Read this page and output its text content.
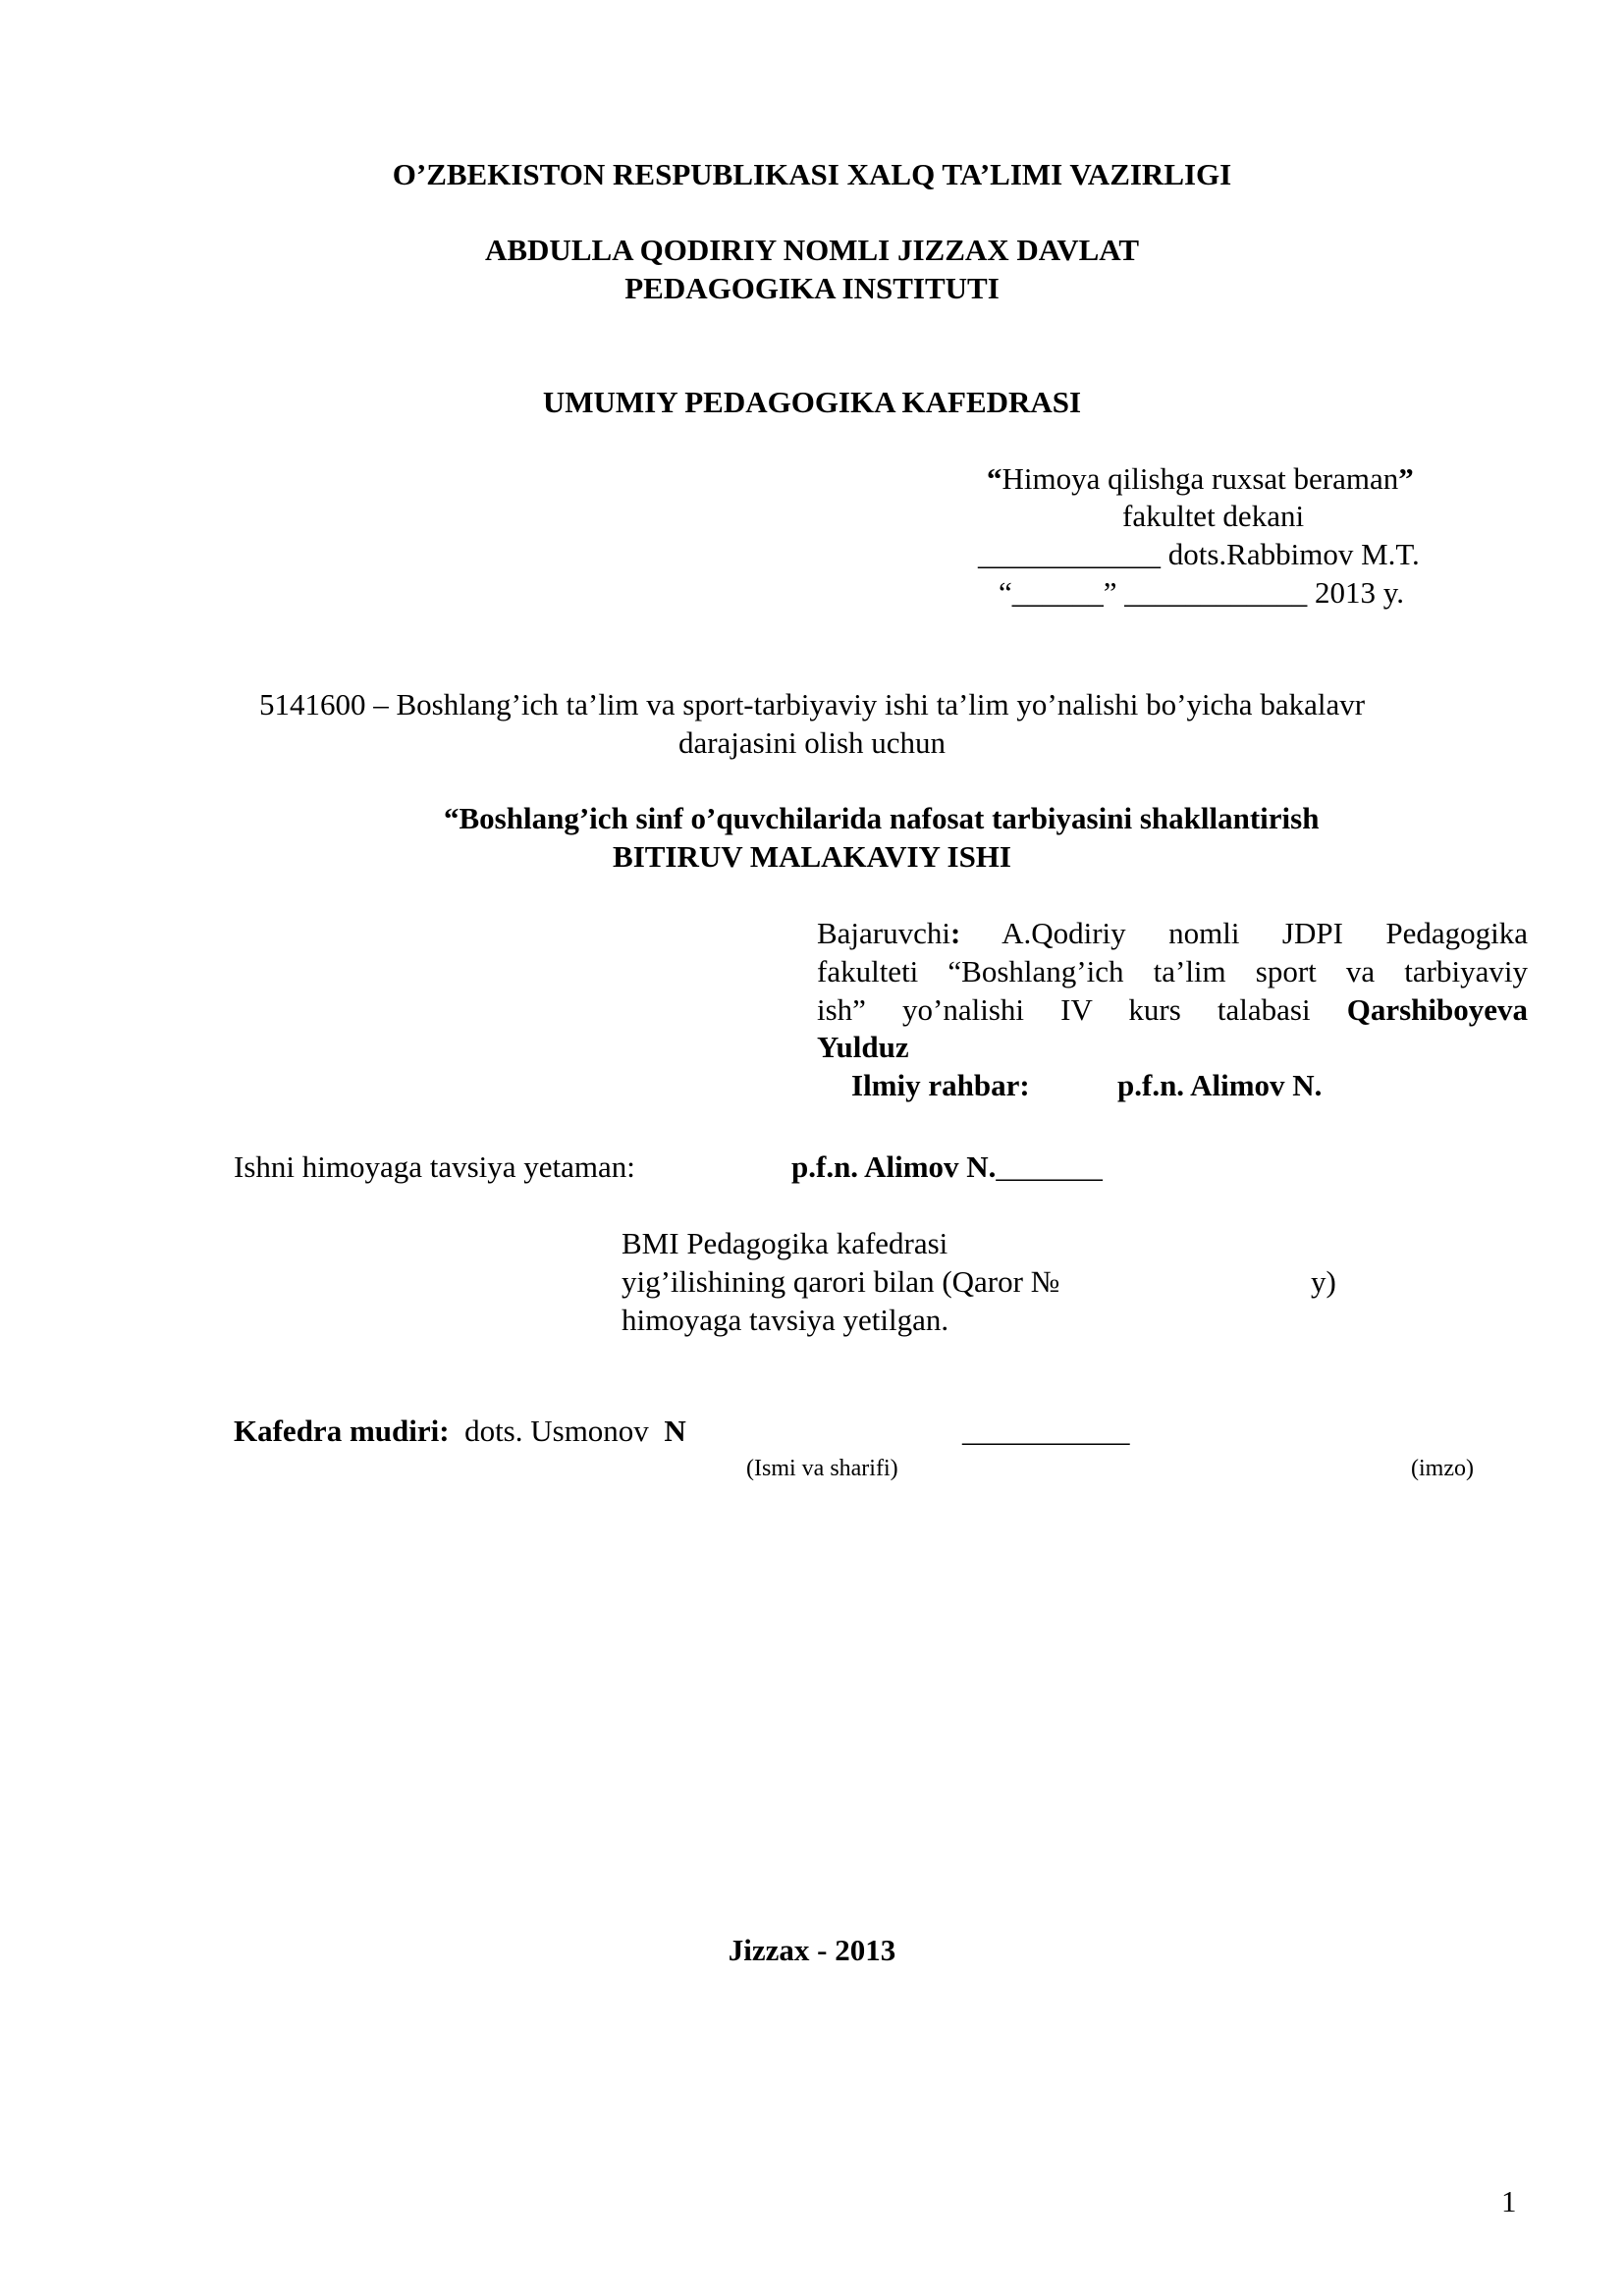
O’ZBEKISTON RESPUBLIKASI XALQ TA’LIMI VAZIRLIGI
ABDULLA QODIRIY NOMLI JIZZAX DAVLAT
PEDAGOGIKA INSTITUTI
UMUMIY PEDAGOGIKA KAFEDRASI
“Himoya qilishga ruxsat beraman”
fakultet dekani
____________ dots.Rabbimov M.T.
“______” ____________ 2013 y.
5141600 – Boshlang’ich ta’lim va sport-tarbiyaviy ishi ta’lim yo’nalishi bo’yicha bakalavr
darajasini olish uchun
“Boshlang’ich sinf o’quvchilarida nafosat tarbiyasini shakllantirish
BITIRUV MALAKAVIY ISHI
Bajaruvchi: A.Qodiriy nomli JDPI Pedagogika
fakulteti “Boshlang’ich ta’lim sport va tarbiyaviy
ish” yo’nalishi IV kurs talabasi Qarshiboyeva
Yulduz
Ilmiy rahbar:	p.f.n. Alimov N.
Ishni himoyaga tavsiya yetaman:	p.f.n. Alimov N._______
BMI Pedagogika kafedrasi
yig’ilishining qarori bilan (Qaror №	y)
himoyaga tavsiya yetilgan.
Kafedra mudiri: dots. Usmonov N	___________
(Ismi va sharifi)	(imzo)
Jizzax - 2013
1
